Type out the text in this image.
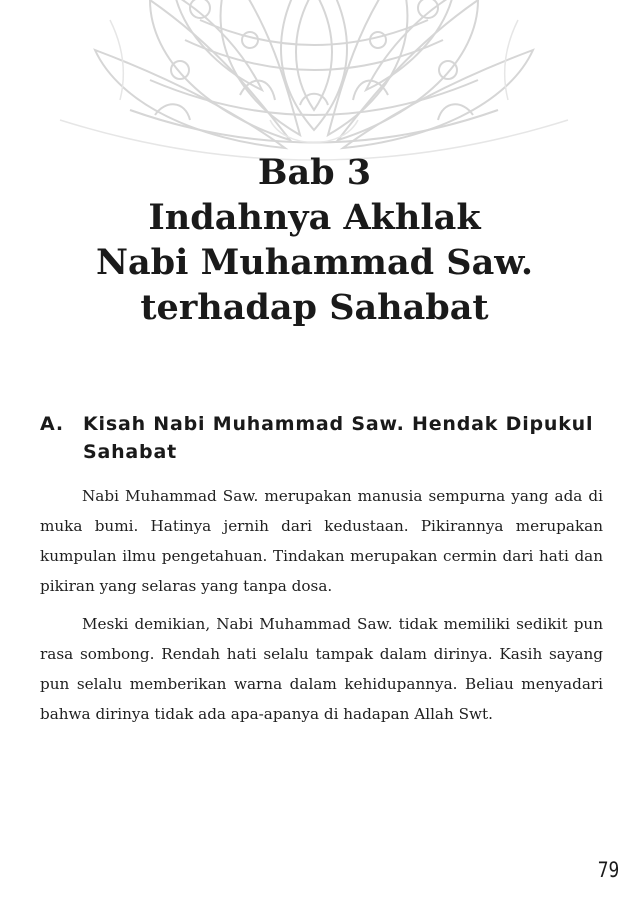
Bab 3
Indahnya Akhlak
Nabi Muhammad Saw.
terhadap Sahabat
A. Kisah Nabi Muhammad Saw. Hendak Dipukul Sahabat

Nabi Muhammad Saw. merupakan manusia sempurna yang ada di muka bumi. Hatinya jernih dari kedustaan. Pikirannya merupakan kumpulan ilmu pengetahuan. Tindakan merupakan cermin dari hati dan pikiran yang selaras yang tanpa dosa.

Meski demikian, Nabi Muhammad Saw. tidak memiliki sedikit pun rasa sombong. Rendah hati selalu tampak dalam dirinya. Kasih sayang pun selalu memberikan warna dalam kehidupannya. Beliau menyadari bahwa dirinya tidak ada apa-apanya di hadapan Allah Swt.

79
